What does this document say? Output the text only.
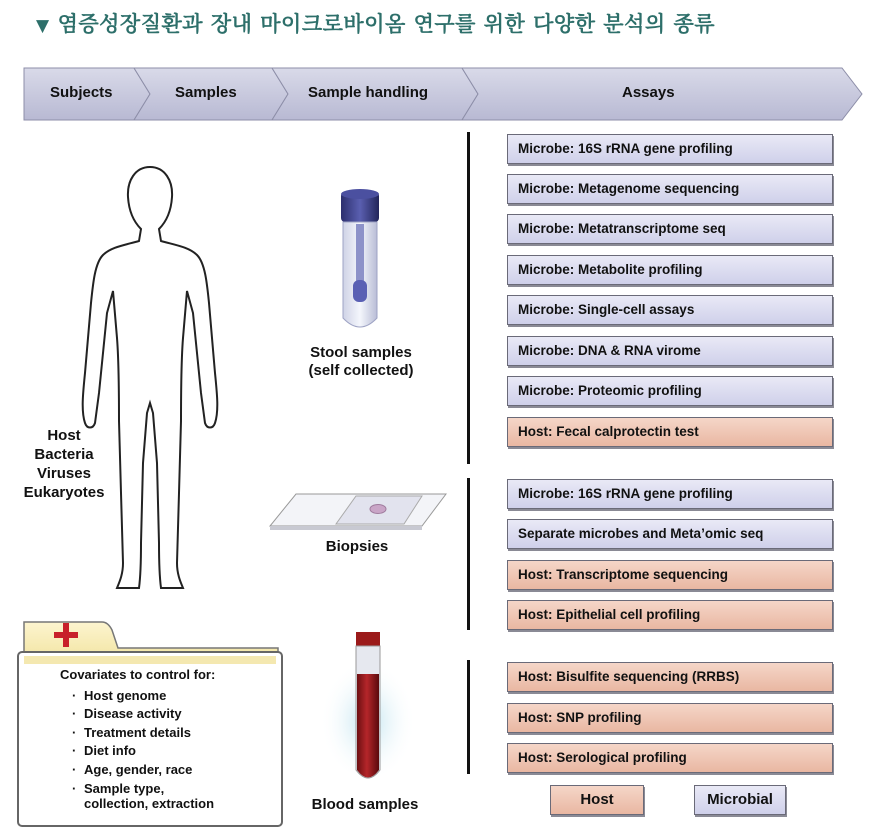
▼ 염증성장질환과 장내 마이크로바이옴 연구를 위한 다양한 분석의 종류
Subjects	Samples	Sample handling	Assays
Host
Bacteria
Viruses
Eukaryotes
Stool samples
(self collected)
Biopsies
Blood samples
Microbe: 16S rRNA gene profiling
Microbe: Metagenome sequencing
Microbe: Metatranscriptome seq
Microbe: Metabolite profiling
Microbe: Single-cell assays
Microbe: DNA & RNA virome
Microbe: Proteomic profiling
Host: Fecal calprotectin test
Microbe: 16S rRNA gene profiling
Separate microbes and Meta’omic seq
Host: Transcriptome sequencing
Host: Epithelial cell profiling
Host: Bisulfite sequencing (RRBS)
Host: SNP profiling
Host: Serological profiling
Host	Microbial
Covariates to control for:
· Host genome
· Disease activity
· Treatment details
· Diet info
· Age, gender, race
· Sample type,
collection, extraction
